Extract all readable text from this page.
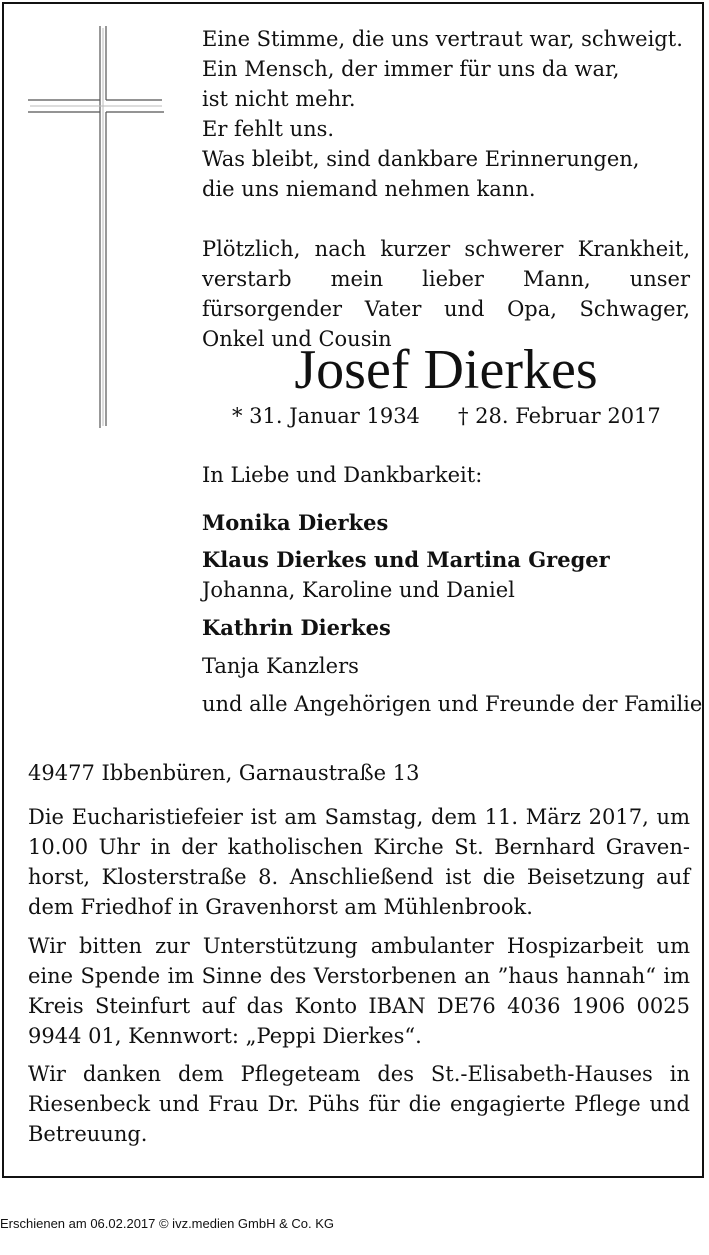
Eine Stimme, die uns vertraut war, schweigt.
Ein Mensch, der immer für uns da war,
ist nicht mehr.
Er fehlt uns.
Was bleibt, sind dankbare Erinnerungen,
die uns niemand nehmen kann.
Plötzlich, nach kurzer schwerer Krankheit, verstarb mein lieber Mann, unser fürsorgender Vater und Opa, Schwager, Onkel und Cousin
Josef Dierkes
* 31. Januar 1934 † 28. Februar 2017
In Liebe und Dankbarkeit:
Monika Dierkes
Klaus Dierkes und Martina Greger
Johanna, Karoline und Daniel
Kathrin Dierkes
Tanja Kanzlers
und alle Angehörigen und Freunde der Familie
49477 Ibbenbüren, Garnaustraße 13
Die Eucharistiefeier ist am Samstag, dem 11. März 2017, um 10.00 Uhr in der katholischen Kirche St. Bernhard Gravenhorst, Klosterstraße 8. Anschließend ist die Beisetzung auf dem Friedhof in Gravenhorst am Mühlenbrook.
Wir bitten zur Unterstützung ambulanter Hospizarbeit um eine Spende im Sinne des Verstorbenen an ”haus hannah“ im Kreis Steinfurt auf das Konto IBAN DE76 4036 1906 0025 9944 01, Kennwort: „Peppi Dierkes“.
Wir danken dem Pflegeteam des St.-Elisabeth-Hauses in Riesenbeck und Frau Dr. Pühs für die engagierte Pflege und Betreuung.
Erschienen am 06.02.2017 © ivz.medien GmbH & Co. KG
